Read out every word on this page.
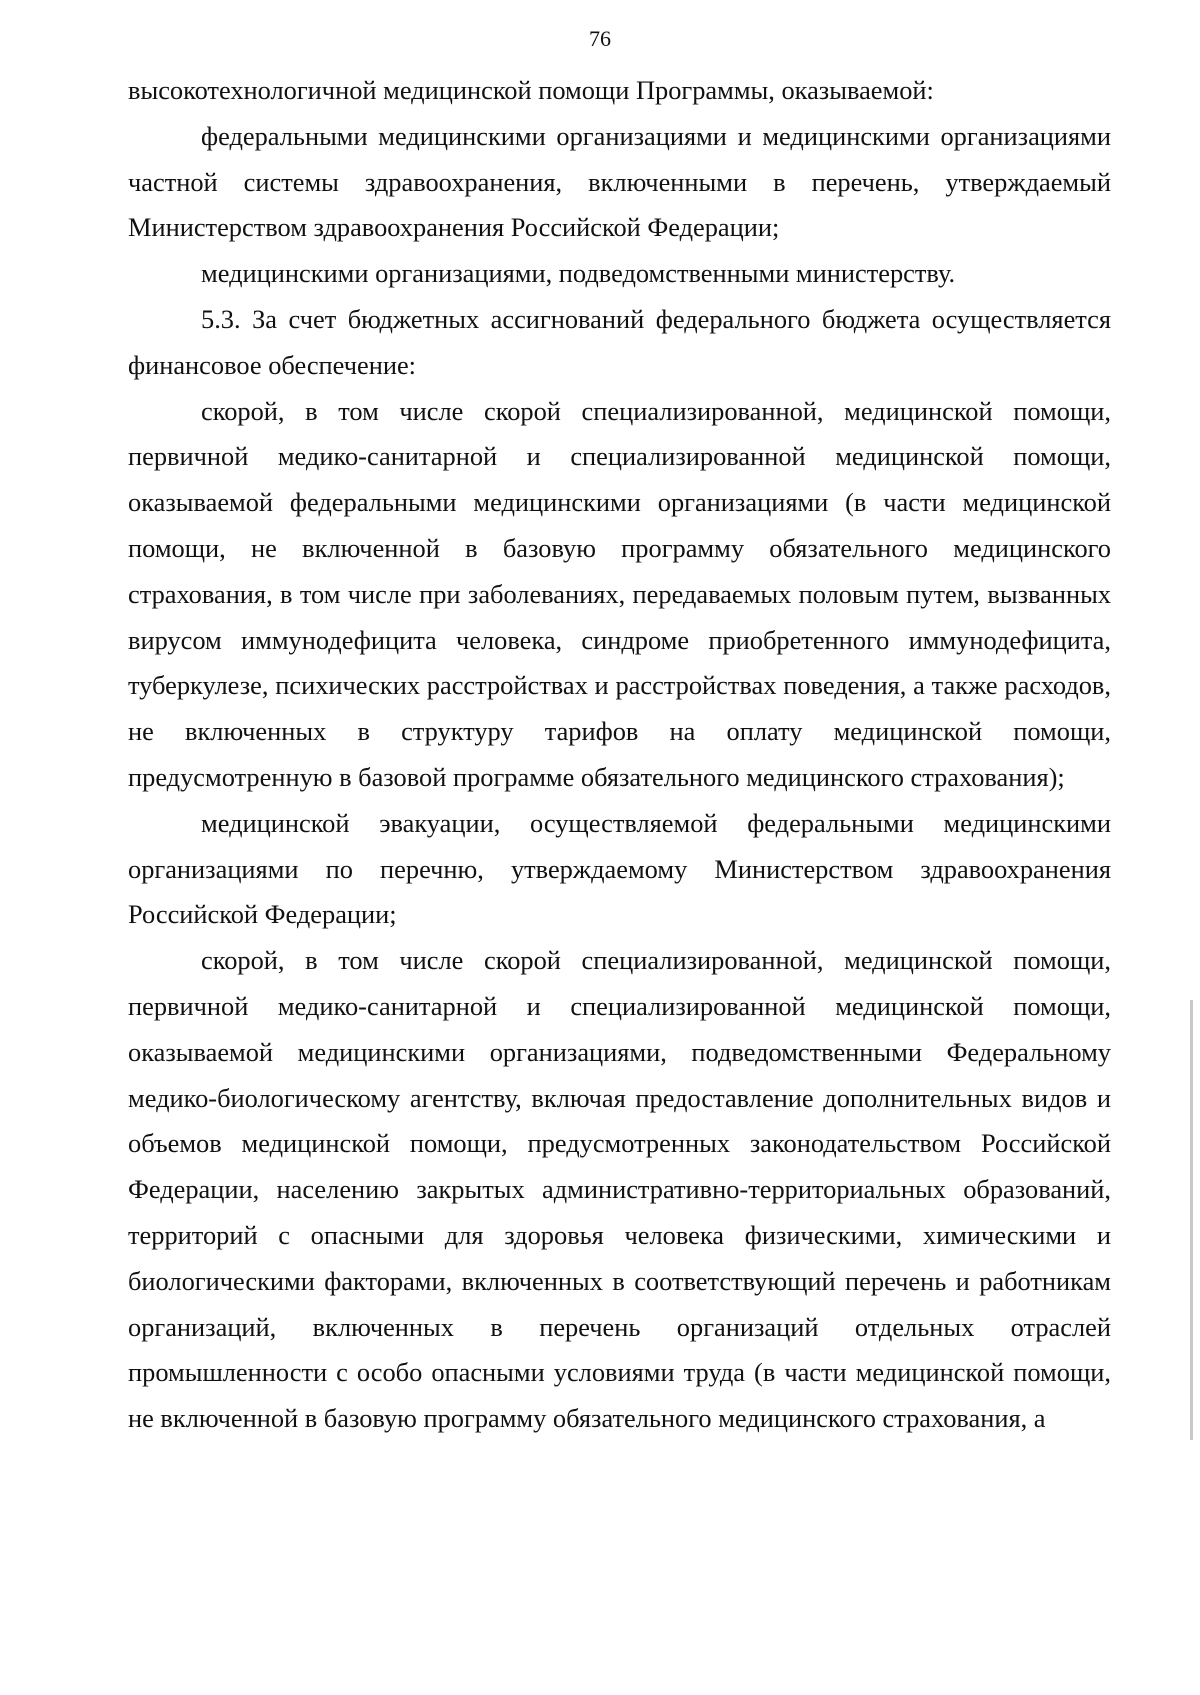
76

высокотехнологичной медицинской помощи Программы, оказываемой:

федеральными медицинскими организациями и медицинскими организациями частной системы здравоохранения, включенными в перечень, утверждаемый Министерством здравоохранения Российской Федерации;

медицинскими организациями, подведомственными министерству.

5.3. За счет бюджетных ассигнований федерального бюджета осуществляется финансовое обеспечение:

скорой, в том числе скорой специализированной, медицинской помощи, первичной медико-санитарной и специализированной медицинской помощи, оказываемой федеральными медицинскими организациями (в части медицинской помощи, не включенной в базовую программу обязательного медицинского страхования, в том числе при заболеваниях, передаваемых половым путем, вызванных вирусом иммунодефицита человека, синдроме приобретенного иммунодефицита, туберкулезе, психических расстройствах и расстройствах поведения, а также расходов, не включенных в структуру тарифов на оплату медицинской помощи, предусмотренную в базовой программе обязательного медицинского страхования);

медицинской эвакуации, осуществляемой федеральными медицинскими организациями по перечню, утверждаемому Министерством здравоохранения Российской Федерации;

скорой, в том числе скорой специализированной, медицинской помощи, первичной медико-санитарной и специализированной медицинской помощи, оказываемой медицинскими организациями, подведомственными Федеральному медико-биологическому агентству, включая предоставление дополнительных видов и объемов медицинской помощи, предусмотренных законодательством Российской Федерации, населению закрытых административно-территориальных образований, территорий с опасными для здоровья человека физическими, химическими и биологическими факторами, включенных в соответствующий перечень и работникам организаций, включенных в перечень организаций отдельных отраслей промышленности с особо опасными условиями труда (в части медицинской помощи, не включенной в базовую программу обязательного медицинского страхования, а
